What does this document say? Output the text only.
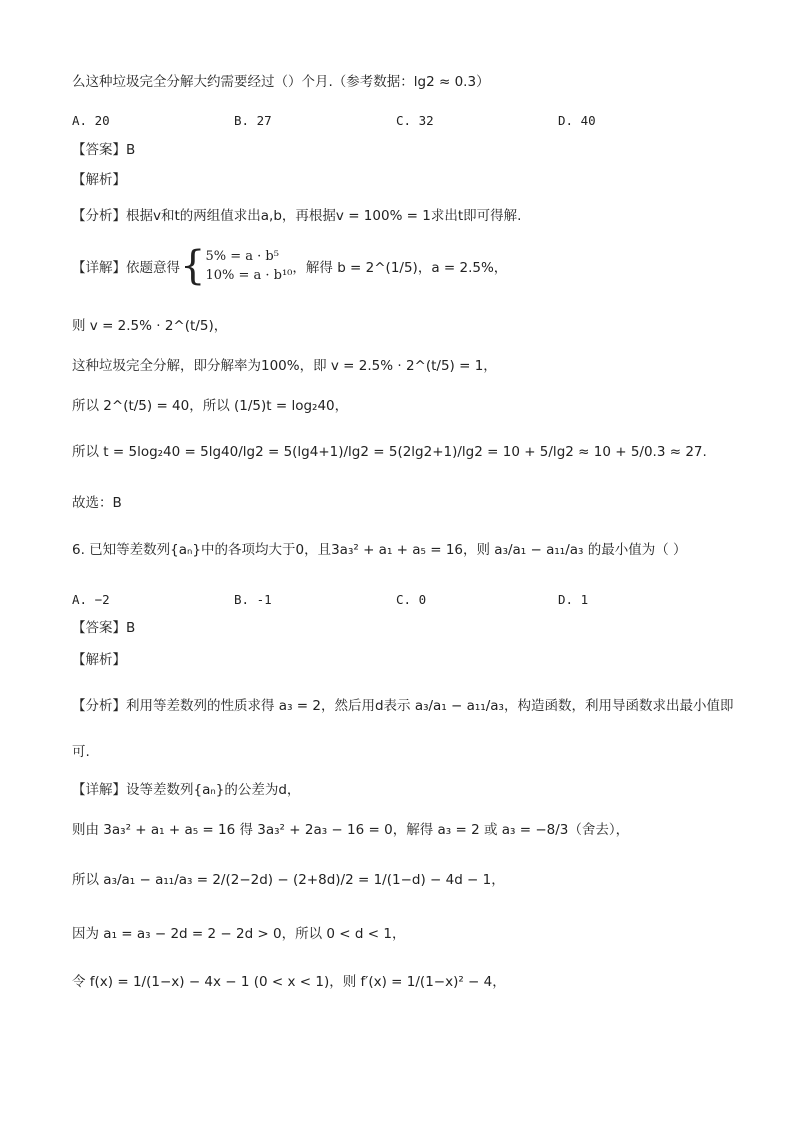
么这种垃圾完全分解大约需要经过（）个月.（参考数据：lg2 ≈ 0.3）
A. 20	B. 27	C. 32	D. 40
【答案】B
【解析】
【分析】根据v和t的两组值求出a,b，再根据v = 100% = 1求出t即可得解.
【详解】依题意得 { 5% = a · b⁵
10% = a · b¹⁰ ，解得 b = 2^(1/5)，a = 2.5%，
则 v = 2.5% · 2^(t/5)，
这种垃圾完全分解，即分解率为100%，即 v = 2.5% · 2^(t/5) = 1，
所以 2^(t/5) = 40，所以 (1/5)t = log₂40，
所以 t = 5log₂40 = 5lg40/lg2 = 5(lg4+1)/lg2 = 5(2lg2+1)/lg2 = 10 + 5/lg2 ≈ 10 + 5/0.3 ≈ 27.
故选：B
6. 已知等差数列{aₙ}中的各项均大于0，且3a₃² + a₁ + a₅ = 16，则 a₃/a₁ − a₁₁/a₃ 的最小值为（ ）
A. −2	B. -1	C. 0	D. 1
【答案】B
【解析】
【分析】利用等差数列的性质求得 a₃ = 2，然后用d表示 a₃/a₁ − a₁₁/a₃，构造函数，利用导函数求出最小值即
可.
【详解】设等差数列{aₙ}的公差为d，
则由 3a₃² + a₁ + a₅ = 16 得 3a₃² + 2a₃ − 16 = 0，解得 a₃ = 2 或 a₃ = −8/3（舍去），
所以 a₃/a₁ − a₁₁/a₃ = 2/(2−2d) − (2+8d)/2 = 1/(1−d) − 4d − 1，
因为 a₁ = a₃ − 2d = 2 − 2d > 0，所以 0 < d < 1，
令 f(x) = 1/(1−x) − 4x − 1 (0 < x < 1)，则 f′(x) = 1/(1−x)² − 4，
